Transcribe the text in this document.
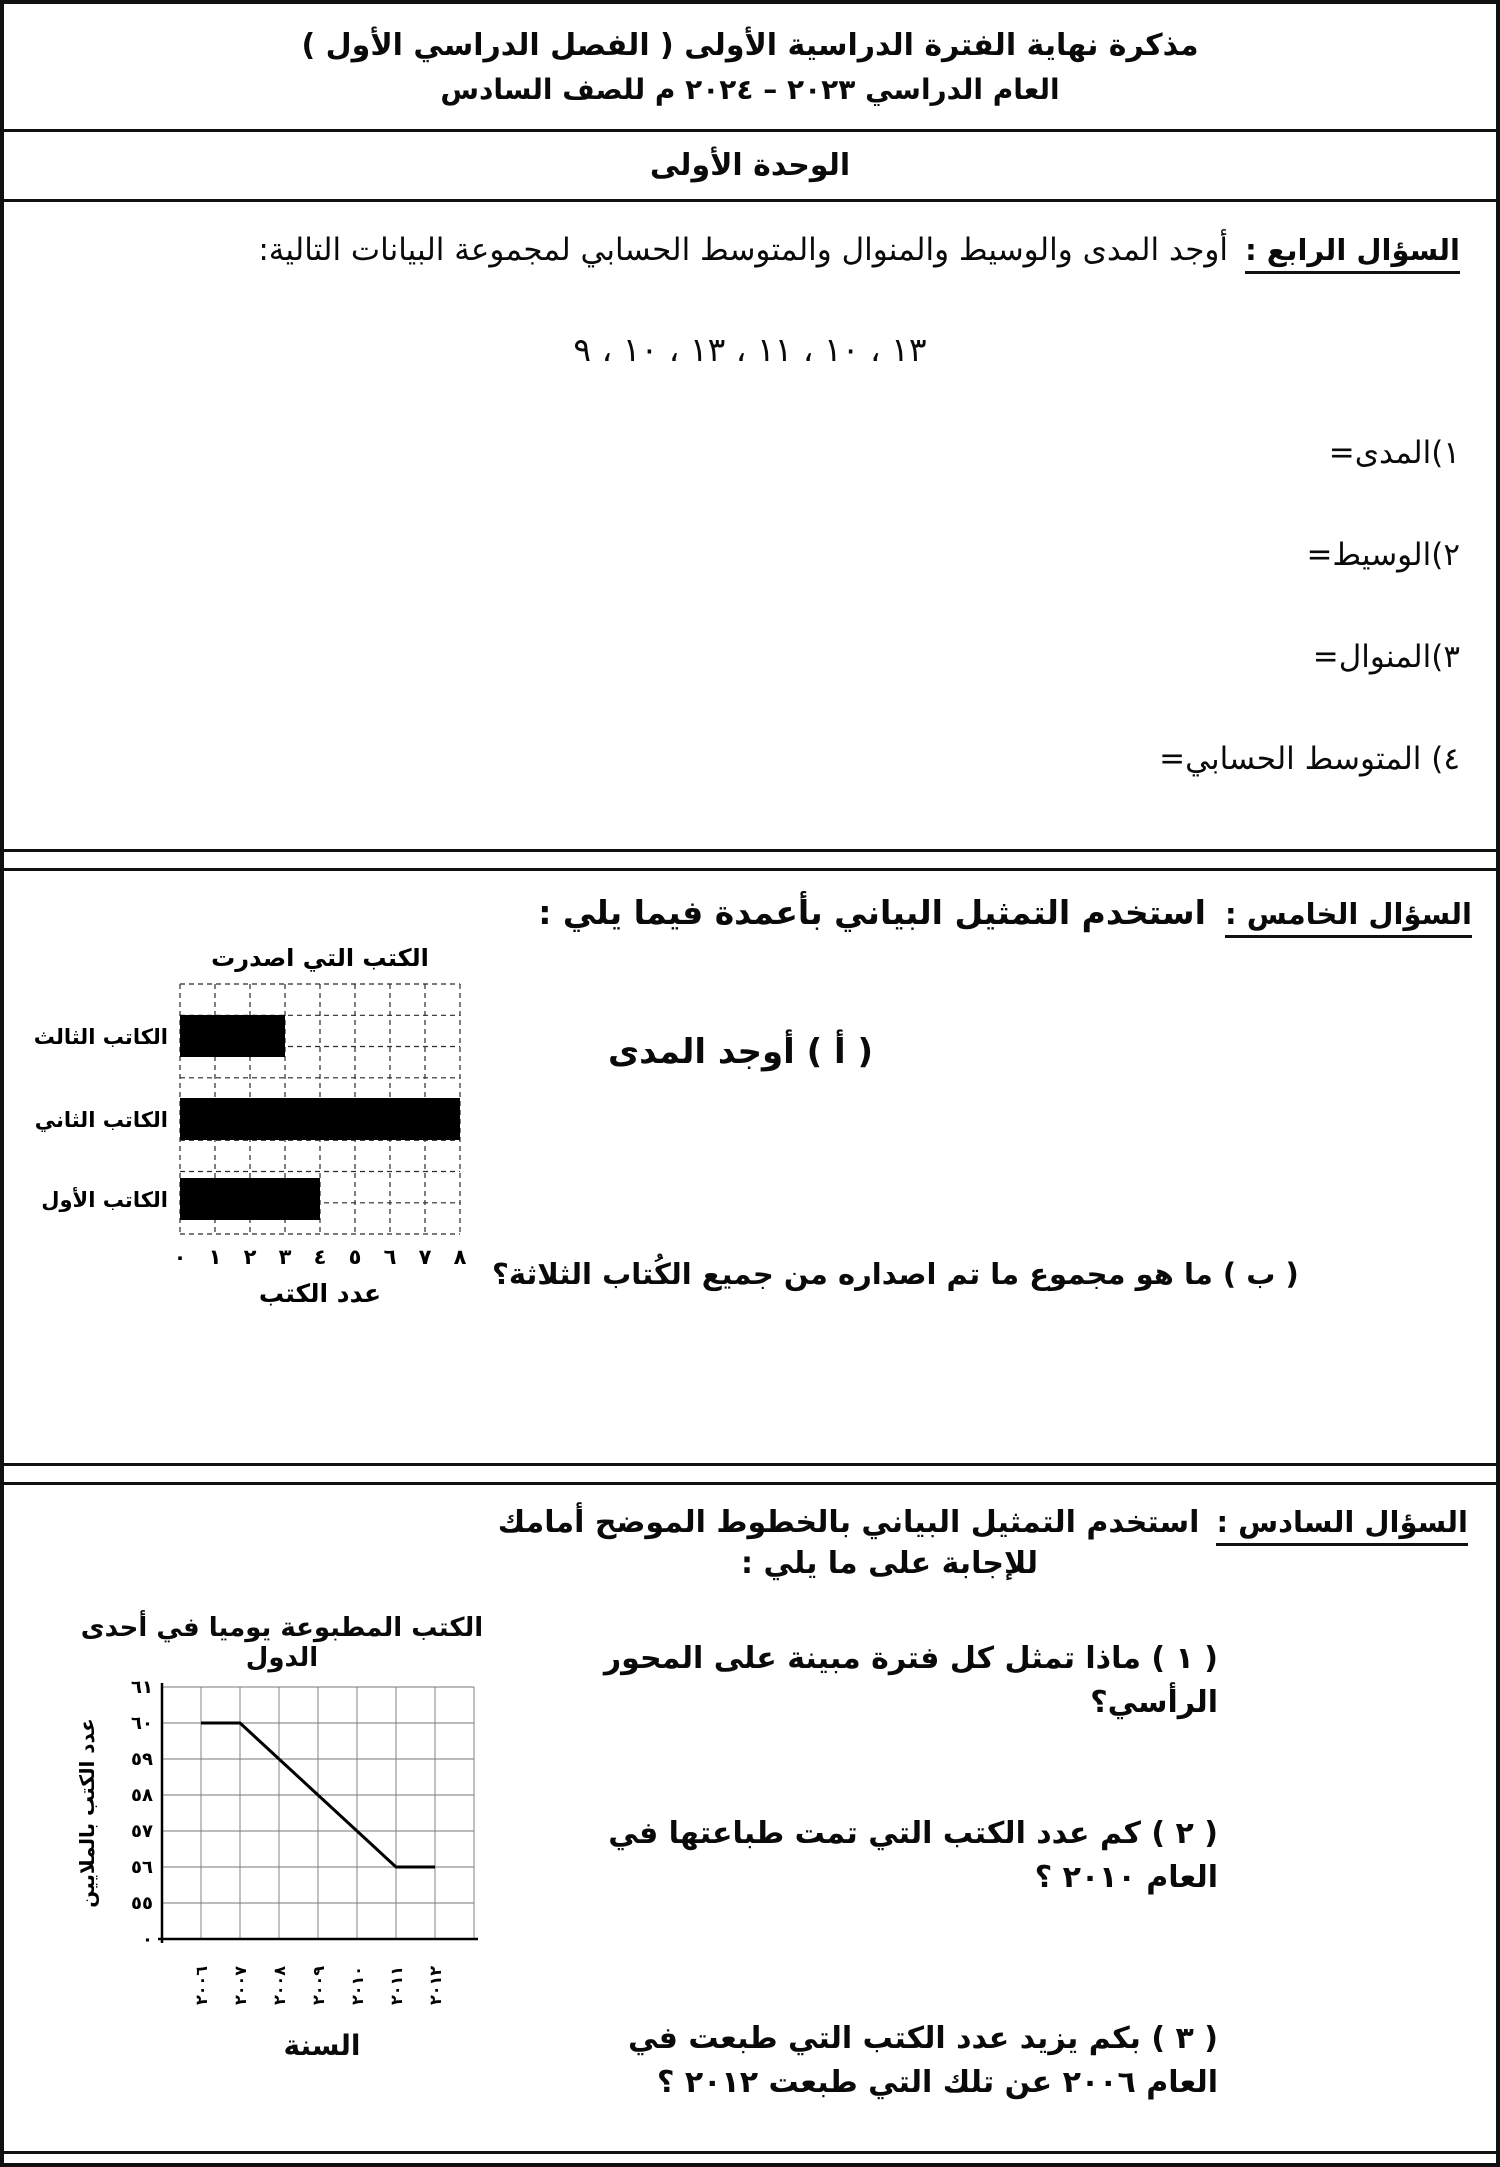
مذكرة نهاية الفترة الدراسية الأولى ( الفصل الدراسي الأول )
العام الدراسي ٢٠٢٣ – ٢٠٢٤ م للصف السادس
الوحدة الأولى
السؤال الرابع : أوجد المدى والوسيط والمنوال والمتوسط الحسابي لمجموعة البيانات التالية:
١٣ ، ١٠ ، ١١ ، ١٣ ، ١٠ ، ٩
١)المدى=
٢)الوسيط=
٣)المنوال=
٤) المتوسط الحسابي=
السؤال الخامس : استخدم التمثيل البياني بأعمدة فيما يلي :
( أ ) أوجد المدى
( ب ) ما هو مجموع ما تم اصداره من جميع الكُتاب الثلاثة؟
الكاتب الثالث
الكاتب الثاني
الكاتب الأول
٠ ١ ٢ ٣ ٤ ٥ ٦ ٧ ٨
الكتب التي اصدرت
عدد الكتب
السؤال السادس : استخدم التمثيل البياني بالخطوط الموضح أمامك
للإجابة على ما يلي :
( ١ ) ماذا تمثل كل فترة مبينة على المحور الرأسي؟
( ٢ ) كم عدد الكتب التي تمت طباعتها في العام ٢٠١٠ ؟
( ٣ ) بكم يزيد عدد الكتب التي طبعت في العام ٢٠٠٦ عن تلك التي طبعت ٢٠١٢ ؟
الكتب المطبوعة يوميا في أحدى الدول
٠
٥٥
٥٦
٥٧
٥٨
٥٩
٦٠
٦١
٢٠٠٦ ٢٠٠٧ ٢٠٠٨ ٢٠٠٩ ٢٠١٠ ٢٠١١ ٢٠١٢
عدد الكتب بالملايين
السنة
